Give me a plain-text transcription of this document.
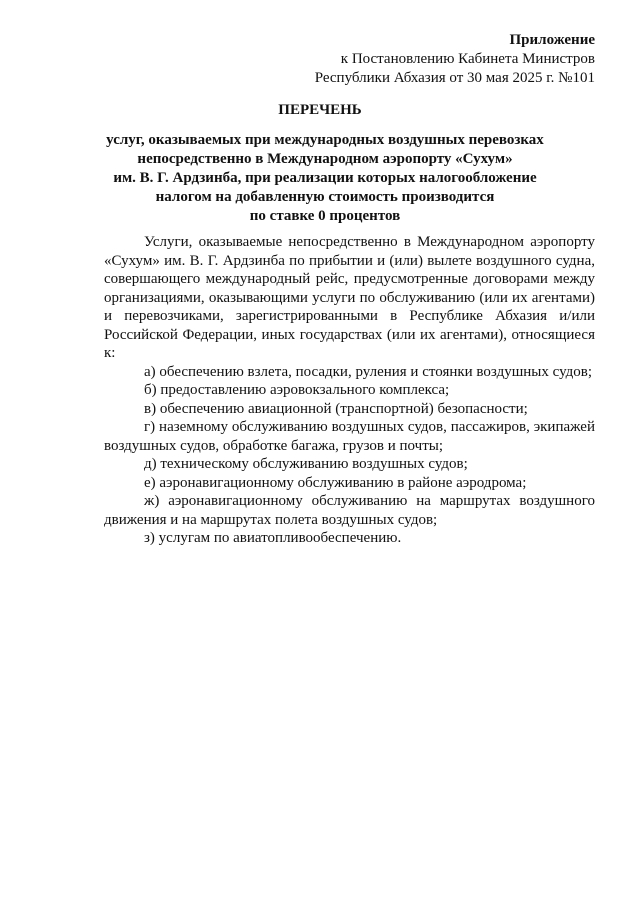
Приложение
к Постановлению Кабинета Министров
Республики Абхазия от 30 мая 2025 г. №101
ПЕРЕЧЕНЬ
услуг, оказываемых при международных воздушных перевозках
непосредственно в Международном аэропорту «Сухум»
им. В. Г. Ардзинба, при реализации которых налогообложение
налогом на добавленную стоимость производится
по ставке 0 процентов

Услуги, оказываемые непосредственно в Международном аэропорту «Сухум» им. В. Г. Ардзинба по прибытии и (или) вылете воздушного судна, совершающего международный рейс, предусмотренные договорами между организациями, оказывающими услуги по обслуживанию (или их агентами) и перевозчиками, зарегистрированными в Республике Абхазия и/или Российской Федерации, иных государствах (или их агентами), относящиеся к:

а) обеспечению взлета, посадки, руления и стоянки воздушных судов;

б) предоставлению аэровокзального комплекса;

в) обеспечению авиационной (транспортной) безопасности;

г) наземному обслуживанию воздушных судов, пассажиров, экипажей воздушных судов, обработке багажа, грузов и почты;

д) техническому обслуживанию воздушных судов;

е) аэронавигационному обслуживанию в районе аэродрома;

ж) аэронавигационному обслуживанию на маршрутах воздушного движения и на маршрутах полета воздушных судов;

з) услугам по авиатопливообеспечению.
